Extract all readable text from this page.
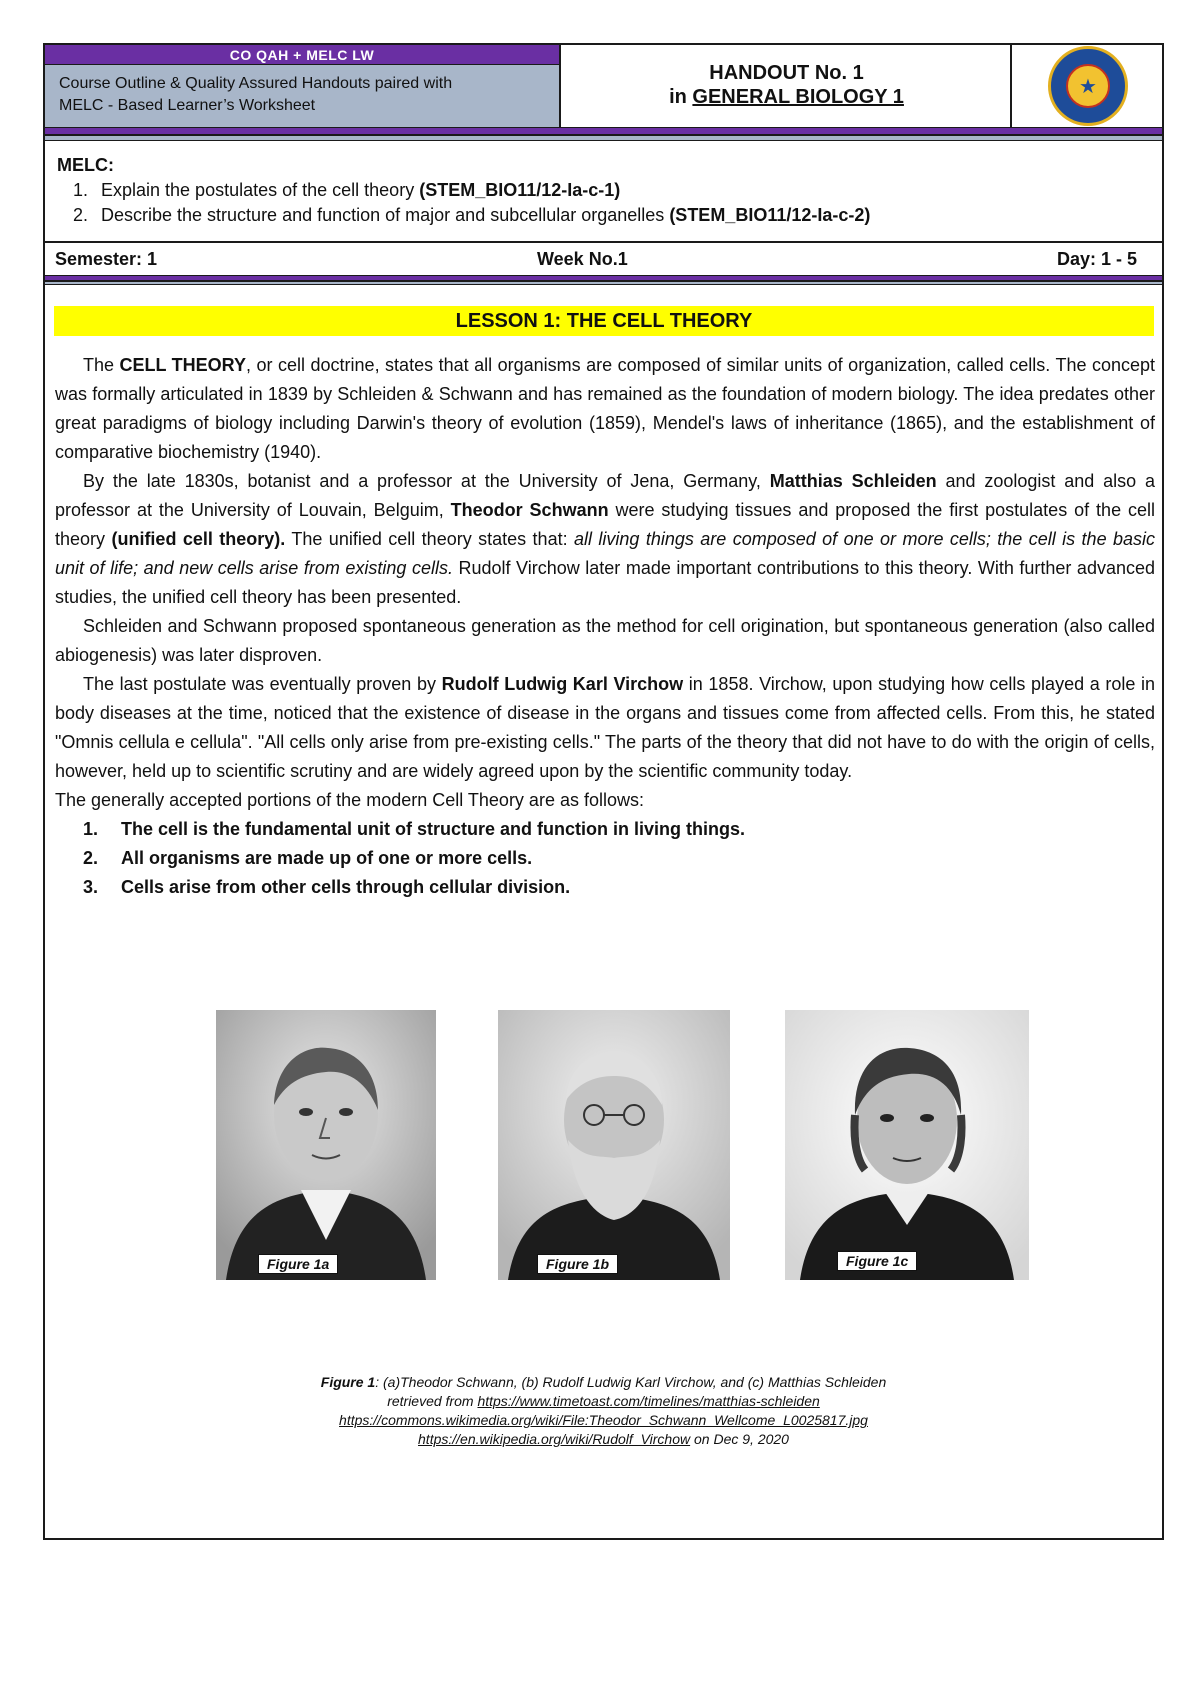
CO QAH + MELC LW
Course Outline & Quality Assured Handouts paired with
MELC - Based Learner’s Worksheet
HANDOUT No. 1
in GENERAL BIOLOGY 1	★
MELC:
1. Explain the postulates of the cell theory (STEM_BIO11/12-Ia-c-1)
2. Describe the structure and function of major and subcellular organelles (STEM_BIO11/12-Ia-c-2)
Semester: 1	Week No.1	Day: 1 - 5
LESSON 1: THE CELL THEORY

The CELL THEORY, or cell doctrine, states that all organisms are composed of similar units of organization, called cells. The concept was formally articulated in 1839 by Schleiden & Schwann and has remained as the foundation of modern biology. The idea predates other great paradigms of biology including Darwin's theory of evolution (1859), Mendel's laws of inheritance (1865), and the establishment of comparative biochemistry (1940).

By the late 1830s, botanist and a professor at the University of Jena, Germany, Matthias Schleiden and zoologist and also a professor at the University of Louvain, Belguim, Theodor Schwann were studying tissues and proposed the first postulates of the cell theory (unified cell theory). The unified cell theory states that: all living things are composed of one or more cells; the cell is the basic unit of life; and new cells arise from existing cells. Rudolf Virchow later made important contributions to this theory. With further advanced studies, the unified cell theory has been presented.

Schleiden and Schwann proposed spontaneous generation as the method for cell origination, but spontaneous generation (also called abiogenesis) was later disproven.

The last postulate was eventually proven by Rudolf Ludwig Karl Virchow in 1858. Virchow, upon studying how cells played a role in body diseases at the time, noticed that the existence of disease in the organs and tissues come from affected cells. From this, he stated "Omnis cellula e cellula". "All cells only arise from pre-existing cells." The parts of the theory that did not have to do with the origin of cells, however, held up to scientific scrutiny and are widely agreed upon by the scientific community today.

The generally accepted portions of the modern Cell Theory are as follows:

1. The cell is the fundamental unit of structure and function in living things.
2. All organisms are made up of one or more cells.
3. Cells arise from other cells through cellular division.
Figure 1a	Figure 1b	Figure 1c
Figure 1: (a)Theodor Schwann, (b) Rudolf Ludwig Karl Virchow, and (c) Matthias Schleiden
retrieved from https://www.timetoast.com/timelines/matthias-schleiden
https://commons.wikimedia.org/wiki/File:Theodor_Schwann_Wellcome_L0025817.jpg
https://en.wikipedia.org/wiki/Rudolf_Virchow on Dec 9, 2020
